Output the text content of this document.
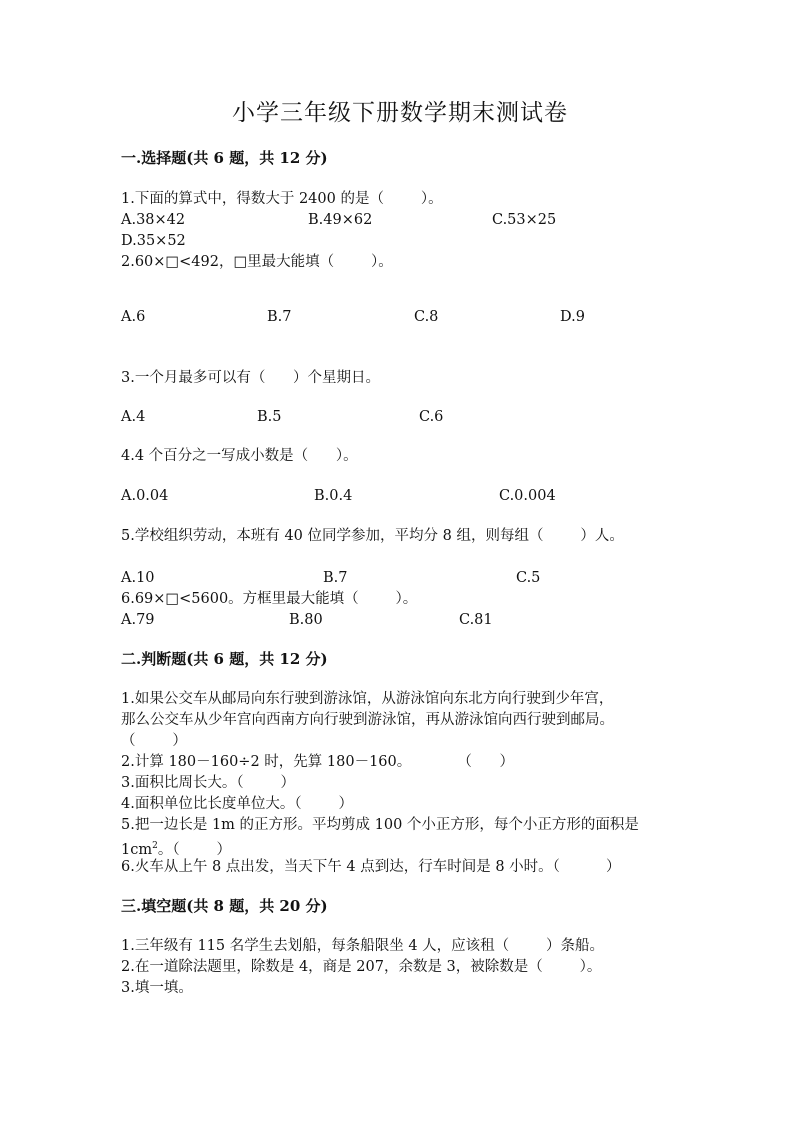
小学三年级下册数学期末测试卷
一.选择题(共 6 题，共 12 分)
1.下面的算式中，得数大于 2400 的是（        ）。
A.38×42	B.49×62	C.53×25
D.35×52
2.60×□<492，□里最大能填（        ）。
A.6	B.7	C.8	D.9
3.一个月最多可以有（      ）个星期日。
A.4	B.5	C.6
4.4 个百分之一写成小数是（      ）。
A.0.04	B.0.4	C.0.004
5.学校组织劳动，本班有 40 位同学参加，平均分 8 组，则每组（        ）人。
A.10	B.7	C.5
6.69×□<5600。方框里最大能填（        ）。
A.79	B.80	C.81
二.判断题(共 6 题，共 12 分)
1.如果公交车从邮局向东行驶到游泳馆，从游泳馆向东北方向行驶到少年宫，
那么公交车从少年宫向西南方向行驶到游泳馆，再从游泳馆向西行驶到邮局。
（        ）
2.计算 180－160÷2 时，先算 180－160。          （      ）
3.面积比周长大。（        ）
4.面积单位比长度单位大。（        ）
5.把一边长是 1m 的正方形。平均剪成 100 个小正方形，每个小正方形的面积是
$1cm^2$。（        ）
6.火车从上午 8 点出发，当天下午 4 点到达，行车时间是 8 小时。（          ）
三.填空题(共 8 题，共 20 分)
1.三年级有 115 名学生去划船，每条船限坐 4 人，应该租（        ）条船。
2.在一道除法题里，除数是 4，商是 207，余数是 3，被除数是（        ）。
3.填一填。
